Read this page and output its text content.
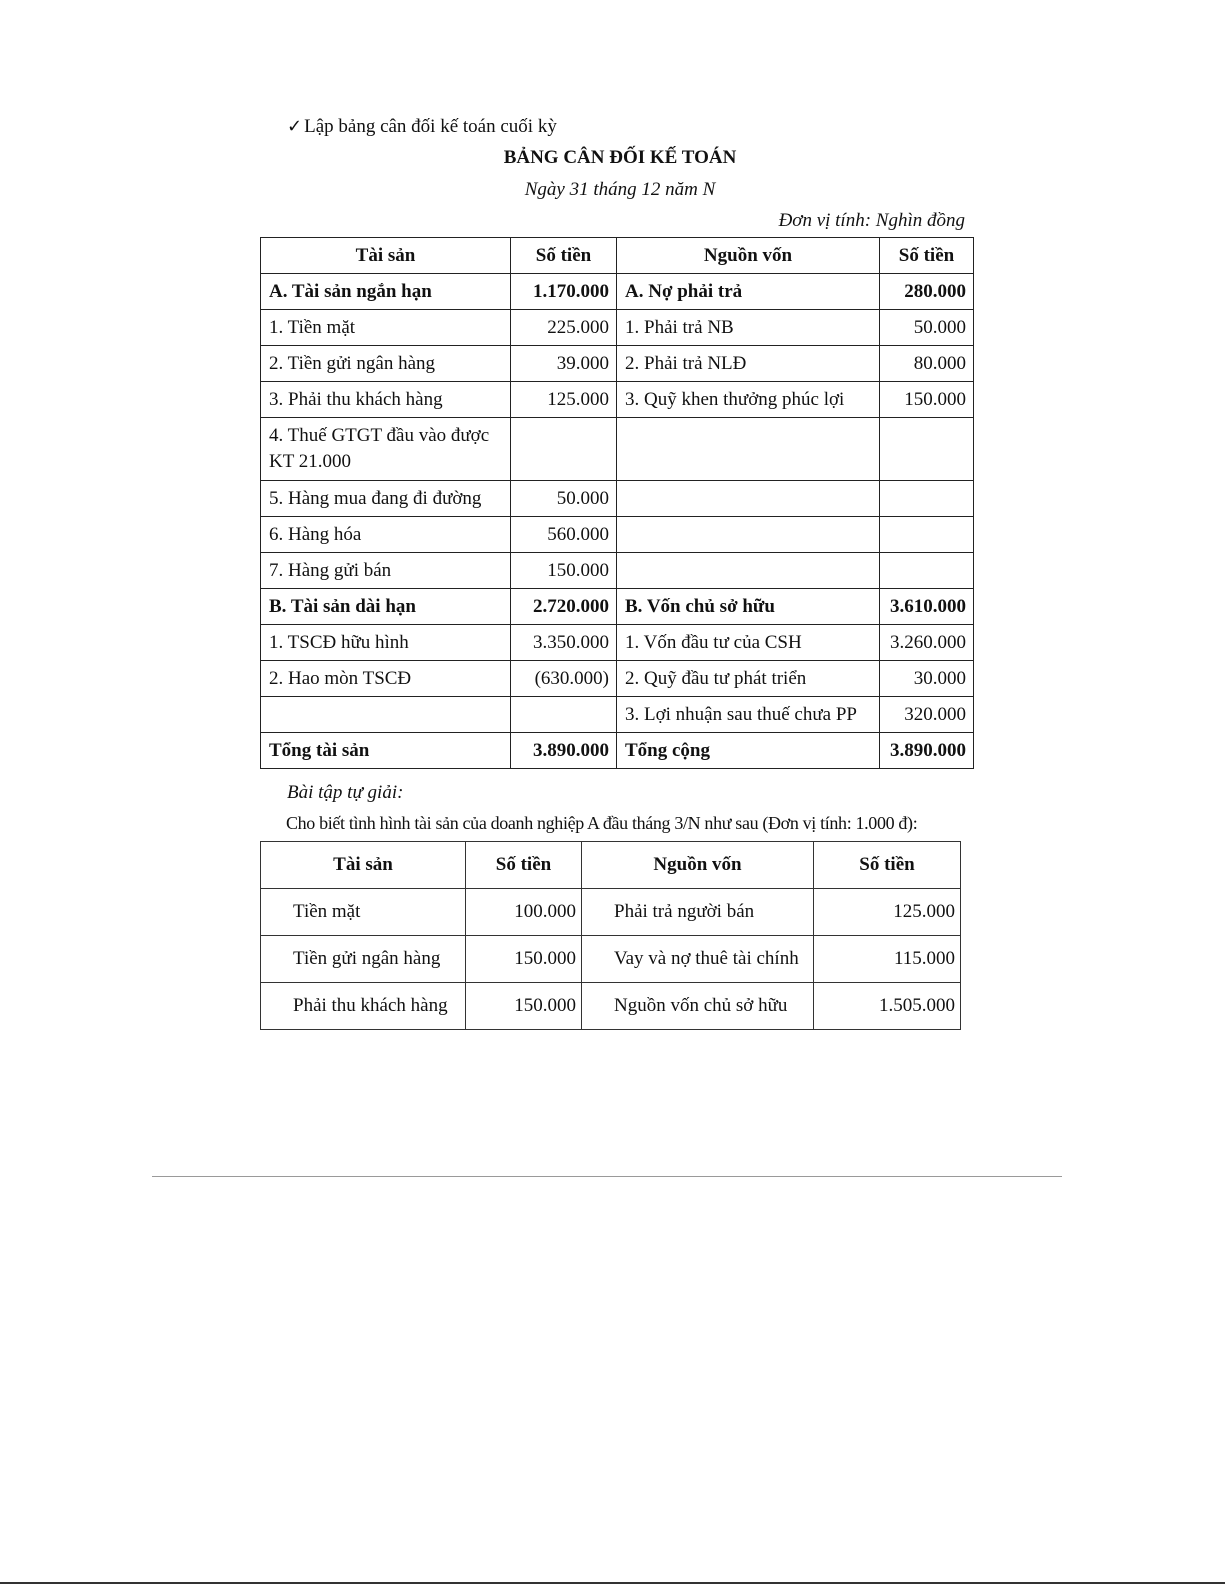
✓ Lập bảng cân đối kế toán cuối kỳ
BẢNG CÂN ĐỐI KẾ TOÁN
Ngày 31 tháng 12 năm N
Đơn vị tính: Nghìn đồng
Tài sản	Số tiền	Nguồn vốn	Số tiền
A. Tài sản ngắn hạn	1.170.000	A. Nợ phải trả	280.000
1. Tiền mặt	225.000	1. Phải trả NB	50.000
2. Tiền gửi ngân hàng	39.000	2. Phải trả NLĐ	80.000
3. Phải thu khách hàng	125.000	3. Quỹ khen thưởng phúc lợi	150.000
4. Thuế GTGT đầu vào được KT 21.000			
5. Hàng mua đang đi đường	50.000		
6. Hàng hóa	560.000		
7. Hàng gửi bán	150.000		
B. Tài sản dài hạn	2.720.000	B. Vốn chủ sở hữu	3.610.000
1. TSCĐ hữu hình	3.350.000	1. Vốn đầu tư của CSH	3.260.000
2. Hao mòn TSCĐ	(630.000)	2. Quỹ đầu tư phát triển	30.000
		3. Lợi nhuận sau thuế chưa PP	320.000
Tổng tài sản	3.890.000	Tổng cộng	3.890.000
Bài tập tự giải:
Cho biết tình hình tài sản của doanh nghiệp A đầu tháng 3/N như sau (Đơn vị tính: 1.000 đ):
Tài sản	Số tiền	Nguồn vốn	Số tiền
Tiền mặt	100.000	Phải trả người bán	125.000
Tiền gửi ngân hàng	150.000	Vay và nợ thuê tài chính	115.000
Phải thu khách hàng	150.000	Nguồn vốn chủ sở hữu	1.505.000
